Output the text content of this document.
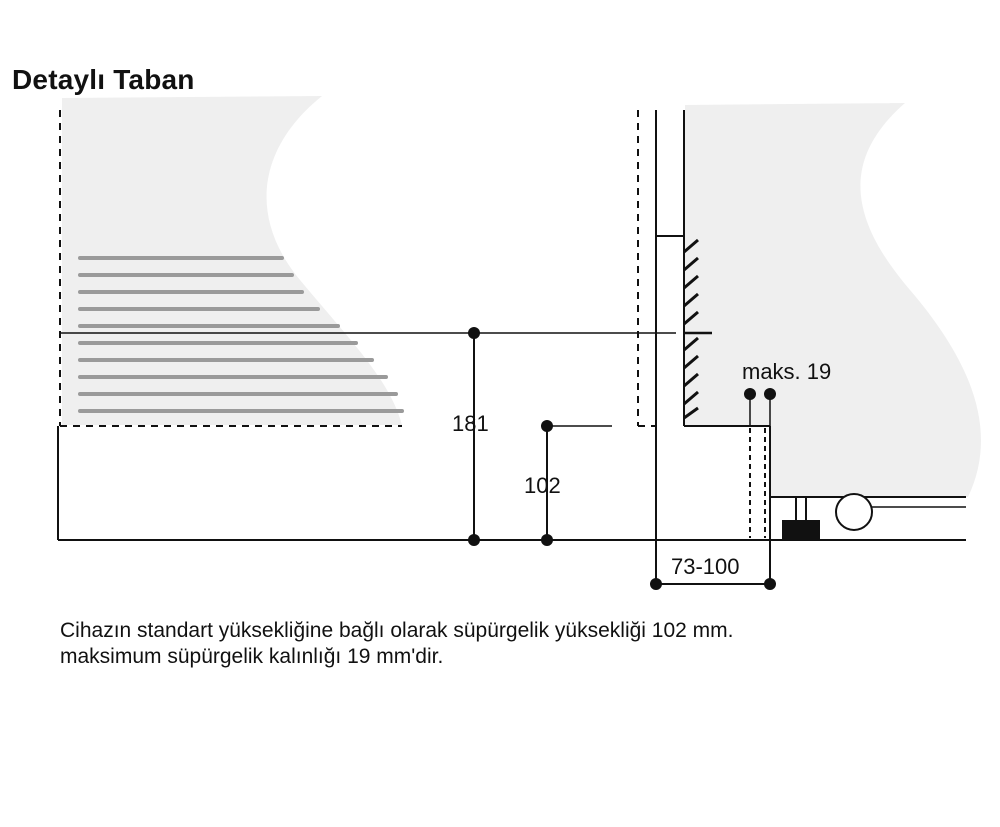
Detaylı Taban
181
102
maks. 19
73-100
Cihazın standart yüksekliğine bağlı olarak süpürgelik yüksekliği 102 mm.
maksimum süpürgelik kalınlığı 19 mm'dir.
